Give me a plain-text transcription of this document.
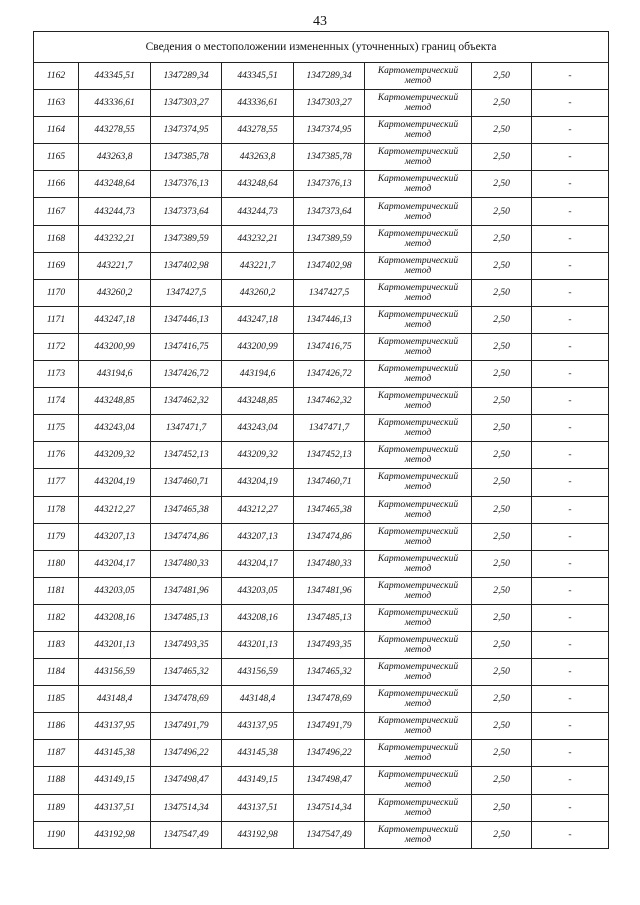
43
Сведения о местоположении измененных (уточненных) границ объекта							
1162	443345,51	1347289,34	443345,51	1347289,34	Картометрический
метод	2,50	-
1163	443336,61	1347303,27	443336,61	1347303,27	Картометрический
метод	2,50	-
1164	443278,55	1347374,95	443278,55	1347374,95	Картометрический
метод	2,50	-
1165	443263,8	1347385,78	443263,8	1347385,78	Картометрический
метод	2,50	-
1166	443248,64	1347376,13	443248,64	1347376,13	Картометрический
метод	2,50	-
1167	443244,73	1347373,64	443244,73	1347373,64	Картометрический
метод	2,50	-
1168	443232,21	1347389,59	443232,21	1347389,59	Картометрический
метод	2,50	-
1169	443221,7	1347402,98	443221,7	1347402,98	Картометрический
метод	2,50	-
1170	443260,2	1347427,5	443260,2	1347427,5	Картометрический
метод	2,50	-
1171	443247,18	1347446,13	443247,18	1347446,13	Картометрический
метод	2,50	-
1172	443200,99	1347416,75	443200,99	1347416,75	Картометрический
метод	2,50	-
1173	443194,6	1347426,72	443194,6	1347426,72	Картометрический
метод	2,50	-
1174	443248,85	1347462,32	443248,85	1347462,32	Картометрический
метод	2,50	-
1175	443243,04	1347471,7	443243,04	1347471,7	Картометрический
метод	2,50	-
1176	443209,32	1347452,13	443209,32	1347452,13	Картометрический
метод	2,50	-
1177	443204,19	1347460,71	443204,19	1347460,71	Картометрический
метод	2,50	-
1178	443212,27	1347465,38	443212,27	1347465,38	Картометрический
метод	2,50	-
1179	443207,13	1347474,86	443207,13	1347474,86	Картометрический
метод	2,50	-
1180	443204,17	1347480,33	443204,17	1347480,33	Картометрический
метод	2,50	-
1181	443203,05	1347481,96	443203,05	1347481,96	Картометрический
метод	2,50	-
1182	443208,16	1347485,13	443208,16	1347485,13	Картометрический
метод	2,50	-
1183	443201,13	1347493,35	443201,13	1347493,35	Картометрический
метод	2,50	-
1184	443156,59	1347465,32	443156,59	1347465,32	Картометрический
метод	2,50	-
1185	443148,4	1347478,69	443148,4	1347478,69	Картометрический
метод	2,50	-
1186	443137,95	1347491,79	443137,95	1347491,79	Картометрический
метод	2,50	-
1187	443145,38	1347496,22	443145,38	1347496,22	Картометрический
метод	2,50	-
1188	443149,15	1347498,47	443149,15	1347498,47	Картометрический
метод	2,50	-
1189	443137,51	1347514,34	443137,51	1347514,34	Картометрический
метод	2,50	-
1190	443192,98	1347547,49	443192,98	1347547,49	Картометрический
метод	2,50	-
